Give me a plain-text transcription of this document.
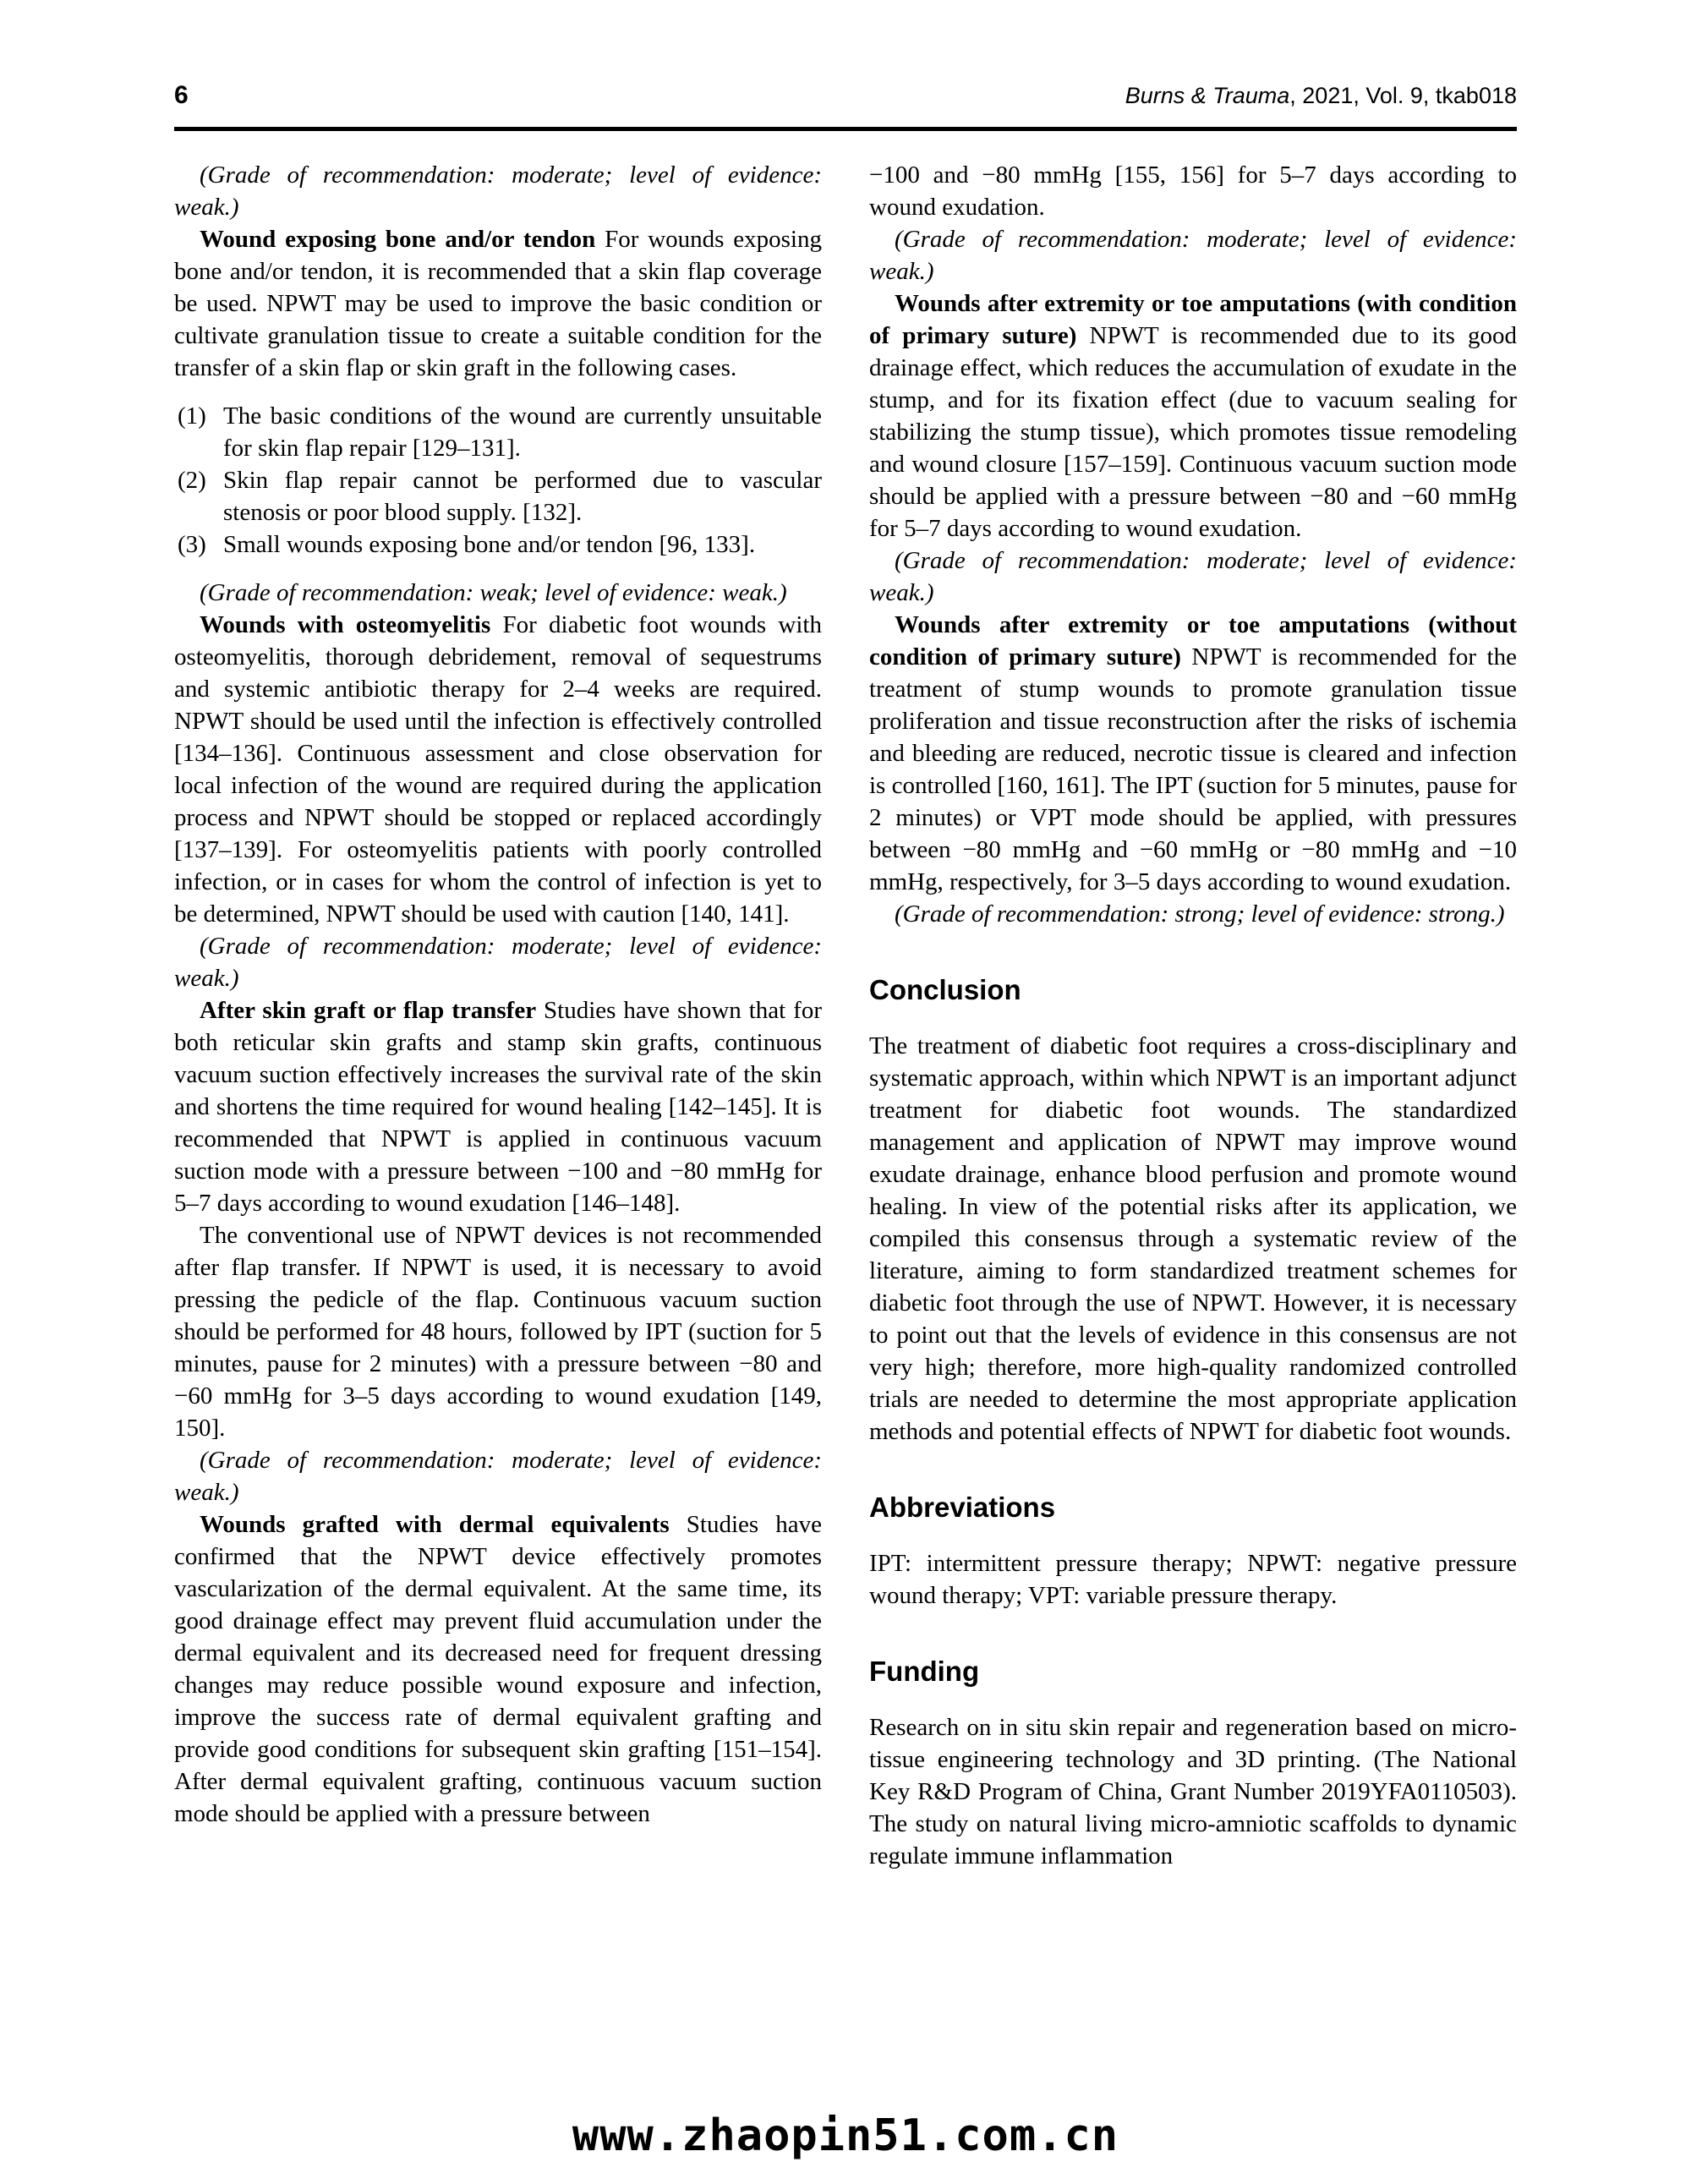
6	Burns & Trauma, 2021, Vol. 9, tkab018

(Grade of recommendation: moderate; level of evidence: weak.)

Wound exposing bone and/or tendon For wounds exposing bone and/or tendon, it is recommended that a skin flap coverage be used. NPWT may be used to improve the basic condition or cultivate granulation tissue to create a suitable condition for the transfer of a skin flap or skin graft in the following cases.

(1) The basic conditions of the wound are currently unsuitable for skin flap repair [129–131].
(2) Skin flap repair cannot be performed due to vascular stenosis or poor blood supply. [132].
(3) Small wounds exposing bone and/or tendon [96, 133].

(Grade of recommendation: weak; level of evidence: weak.)

Wounds with osteomyelitis For diabetic foot wounds with osteomyelitis, thorough debridement, removal of sequestrums and systemic antibiotic therapy for 2–4 weeks are required. NPWT should be used until the infection is effectively controlled [134–136]. Continuous assessment and close observation for local infection of the wound are required during the application process and NPWT should be stopped or replaced accordingly [137–139]. For osteomyelitis patients with poorly controlled infection, or in cases for whom the control of infection is yet to be determined, NPWT should be used with caution [140, 141].

(Grade of recommendation: moderate; level of evidence: weak.)

After skin graft or flap transfer Studies have shown that for both reticular skin grafts and stamp skin grafts, continuous vacuum suction effectively increases the survival rate of the skin and shortens the time required for wound healing [142–145]. It is recommended that NPWT is applied in continuous vacuum suction mode with a pressure between −100 and −80 mmHg for 5–7 days according to wound exudation [146–148].

The conventional use of NPWT devices is not recommended after flap transfer. If NPWT is used, it is necessary to avoid pressing the pedicle of the flap. Continuous vacuum suction should be performed for 48 hours, followed by IPT (suction for 5 minutes, pause for 2 minutes) with a pressure between −80 and −60 mmHg for 3–5 days according to wound exudation [149, 150].

(Grade of recommendation: moderate; level of evidence: weak.)

Wounds grafted with dermal equivalents Studies have confirmed that the NPWT device effectively promotes vascularization of the dermal equivalent. At the same time, its good drainage effect may prevent fluid accumulation under the dermal equivalent and its decreased need for frequent dressing changes may reduce possible wound exposure and infection, improve the success rate of dermal equivalent grafting and provide good conditions for subsequent skin grafting [151–154]. After dermal equivalent grafting, continuous vacuum suction mode should be applied with a pressure between

−100 and −80 mmHg [155, 156] for 5–7 days according to wound exudation.

(Grade of recommendation: moderate; level of evidence: weak.)

Wounds after extremity or toe amputations (with condition of primary suture) NPWT is recommended due to its good drainage effect, which reduces the accumulation of exudate in the stump, and for its fixation effect (due to vacuum sealing for stabilizing the stump tissue), which promotes tissue remodeling and wound closure [157–159]. Continuous vacuum suction mode should be applied with a pressure between −80 and −60 mmHg for 5–7 days according to wound exudation.

(Grade of recommendation: moderate; level of evidence: weak.)

Wounds after extremity or toe amputations (without condition of primary suture) NPWT is recommended for the treatment of stump wounds to promote granulation tissue proliferation and tissue reconstruction after the risks of ischemia and bleeding are reduced, necrotic tissue is cleared and infection is controlled [160, 161]. The IPT (suction for 5 minutes, pause for 2 minutes) or VPT mode should be applied, with pressures between −80 mmHg and −60 mmHg or −80 mmHg and −10 mmHg, respectively, for 3–5 days according to wound exudation.

(Grade of recommendation: strong; level of evidence: strong.)

Conclusion

The treatment of diabetic foot requires a cross-disciplinary and systematic approach, within which NPWT is an important adjunct treatment for diabetic foot wounds. The standardized management and application of NPWT may improve wound exudate drainage, enhance blood perfusion and promote wound healing. In view of the potential risks after its application, we compiled this consensus through a systematic review of the literature, aiming to form standardized treatment schemes for diabetic foot through the use of NPWT. However, it is necessary to point out that the levels of evidence in this consensus are not very high; therefore, more high-quality randomized controlled trials are needed to determine the most appropriate application methods and potential effects of NPWT for diabetic foot wounds.

Abbreviations

IPT: intermittent pressure therapy; NPWT: negative pressure wound therapy; VPT: variable pressure therapy.

Funding

Research on in situ skin repair and regeneration based on micro-tissue engineering technology and 3D printing. (The National Key R&D Program of China, Grant Number 2019YFA0110503). The study on natural living micro-amniotic scaffolds to dynamic regulate immune inflammation

www.zhaopin51.com.cn
